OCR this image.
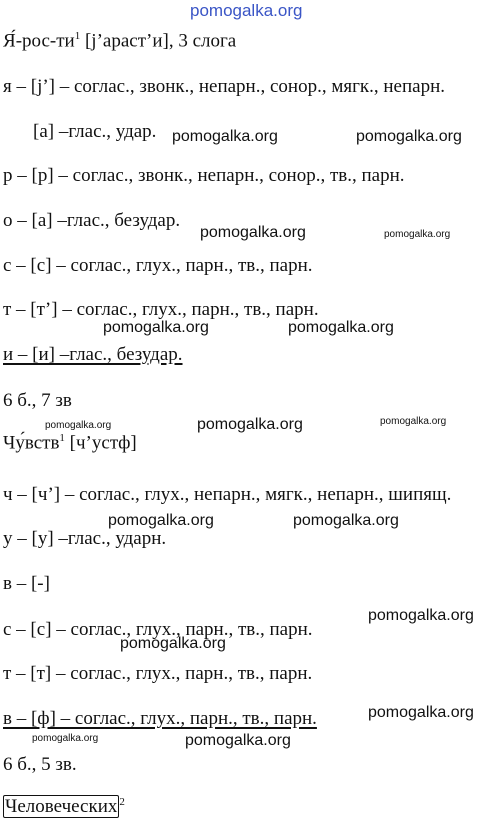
pomogalka.org
$Я́-рос-ти^1$ [j’араст’и], 3 слога
я – [j’] – соглас., звонк., непарн., сонор., мягк., непарн.
[а] –глас., удар.
р – [р] – соглас., звонк., непарн., сонор., тв., парн.
о – [а] –глас., безудар.
с – [с] – соглас., глух., парн., тв., парн.
т – [т’] – соглас., глух., парн., тв., парн.
и – [и] –глас., безудар.
6 б., 7 зв
Чу́вств$^1$ [ч’устф]
ч – [ч’] – соглас., глух., непарн., мягк., непарн., шипящ.
у – [у] –глас., ударн.
в – [-]
с – [с] – соглас., глух., парн., тв., парн.
т – [т] – соглас., глух., парн., тв., парн.
в – [ф] – соглас., глух., парн., тв., парн.
6 б., 5 зв.
Человеческих $^2$
pomogalka.org	pomogalka.org
pomogalka.org	pomogalka.org
pomogalka.org	pomogalka.org
pomogalka.org	pomogalka.org	pomogalka.org
pomogalka.org	pomogalka.org
pomogalka.org
pomogalka.org
pomogalka.org
pomogalka.org	pomogalka.org
